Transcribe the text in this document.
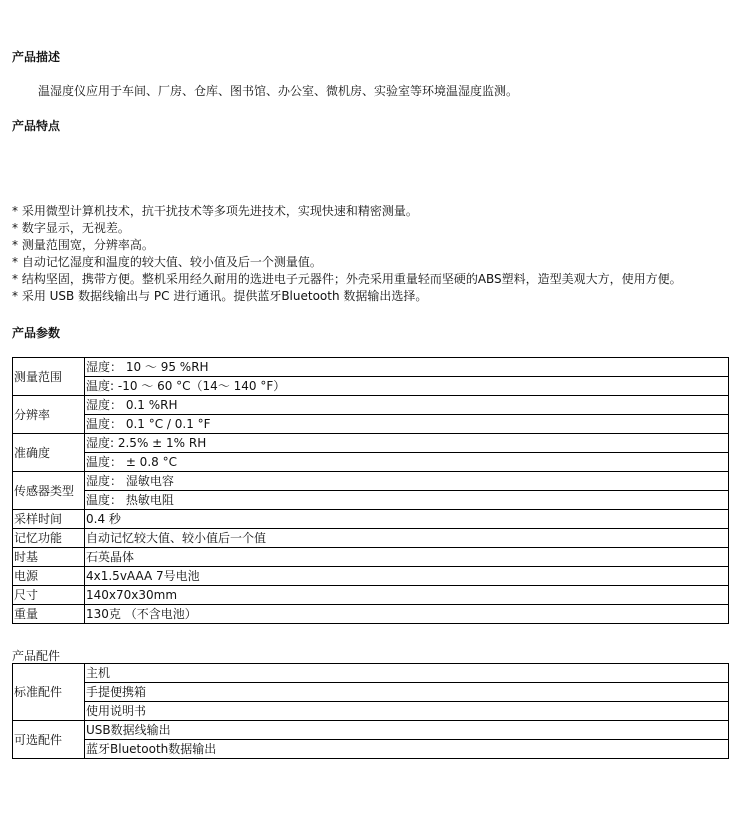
产品描述
温湿度仪应用于车间、厂房、仓库、图书馆、办公室、微机房、实验室等环境温湿度监测。
产品特点
* 采用微型计算机技术，抗干扰技术等多项先进技术，实现快速和精密测量。
* 数字显示，无视差。
* 测量范围宽，分辨率高。
* 自动记忆湿度和温度的较大值、较小值及后一个测量值。
* 结构坚固，携带方便。整机采用经久耐用的选进电子元器件；外壳采用重量轻而坚硬的ABS塑料，造型美观大方，使用方便。
* 采用 USB 数据线输出与 PC 进行通讯。提供蓝牙Bluetooth 数据输出选择。
产品参数
测量范围	湿度： 10 ～ 95 %RH
	温度: -10 ～ 60 °C（14～ 140 °F）
分辨率	湿度： 0.1 %RH
	温度： 0.1 °C / 0.1 °F
准确度	湿度: 2.5% ± 1% RH
	温度： ± 0.8 °C
传感器类型	湿度： 湿敏电容
	温度： 热敏电阻
采样时间	0.4 秒
记忆功能	自动记忆较大值、较小值后一个值
时基	石英晶体
电源	4x1.5vAAA 7号电池
尺寸	140x70x30mm
重量	130克 （不含电池）
产品配件
标准配件	主机
	手提便携箱
	使用说明书
可选配件	USB数据线输出
	蓝牙Bluetooth数据输出
